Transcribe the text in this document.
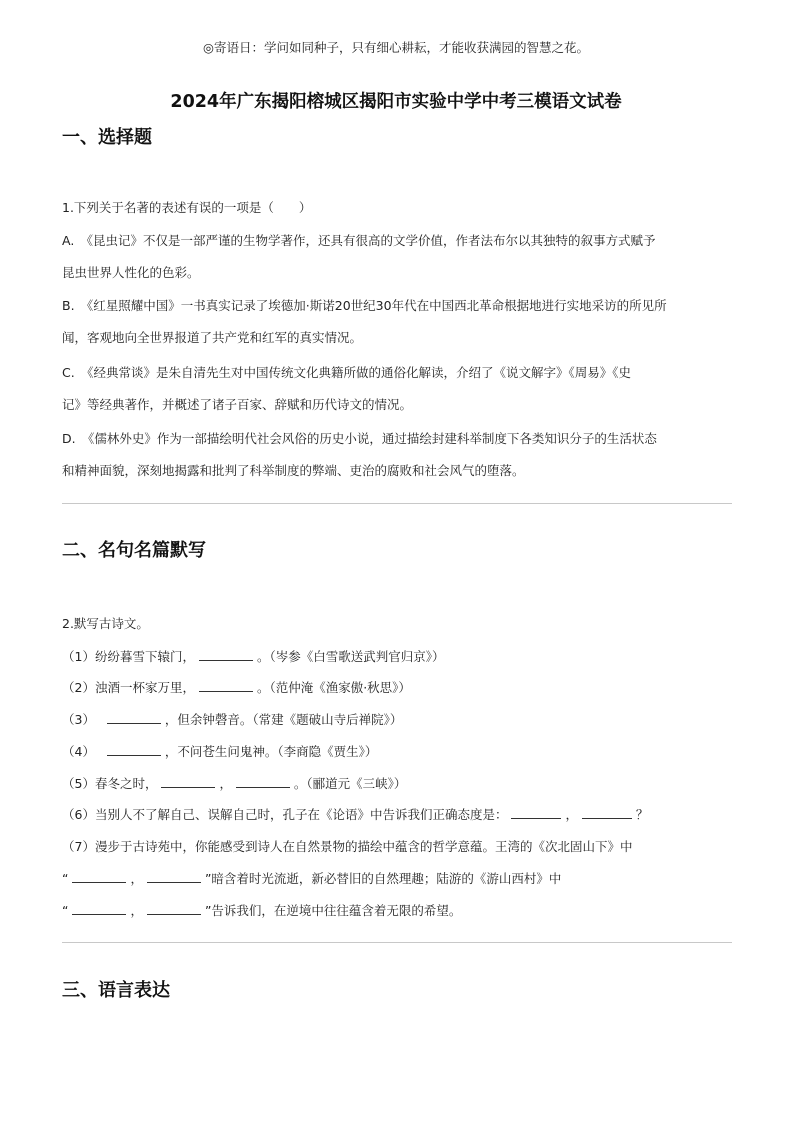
◎寄语日：学问如同种子，只有细心耕耘，才能收获满园的智慧之花。
2024年广东揭阳榕城区揭阳市实验中学中考三模语文试卷
一、选择题
1.下列关于名著的表述有误的一项是（　　）
A.　《昆虫记》不仅是一部严谨的生物学著作，还具有很高的文学价值，作者法布尔以其独特的叙事方式赋予
昆虫世界人性化的色彩。
B.　《红星照耀中国》一书真实记录了埃德加·斯诺20世纪30年代在中国西北革命根据地进行实地采访的所见所
闻，客观地向全世界报道了共产党和红军的真实情况。
C.　《经典常谈》是朱自清先生对中国传统文化典籍所做的通俗化解读，介绍了《说文解字》《周易》《史
记》等经典著作，并概述了诸子百家、辞赋和历代诗文的情况。
D.　《儒林外史》作为一部描绘明代社会风俗的历史小说，通过描绘封建科举制度下各类知识分子的生活状态
和精神面貌，深刻地揭露和批判了科举制度的弊端、吏治的腐败和社会风气的堕落。
二、名句名篇默写
2.默写古诗文。
（1）纷纷暮雪下辕门，	。（岑参《白雪歌送武判官归京》）
（2）浊酒一杯家万里，	。（范仲淹《渔家傲·秋思》）
（3）	，但余钟磬音。（常建《题破山寺后禅院》）
（4）	，不问苍生问鬼神。（李商隐《贾生》）
（5）春冬之时，	，	。（郦道元《三峡》）
（6）当别人不了解自己、误解自己时，孔子在《论语》中告诉我们正确态度是：	，	？
（7）漫步于古诗苑中，你能感受到诗人在自然景物的描绘中蕴含的哲学意蕴。王湾的《次北固山下》中
“	，	”暗含着时光流逝，新必替旧的自然理趣；陆游的《游山西村》中
“	，	”告诉我们，在逆境中往往蕴含着无限的希望。
三、语言表达
